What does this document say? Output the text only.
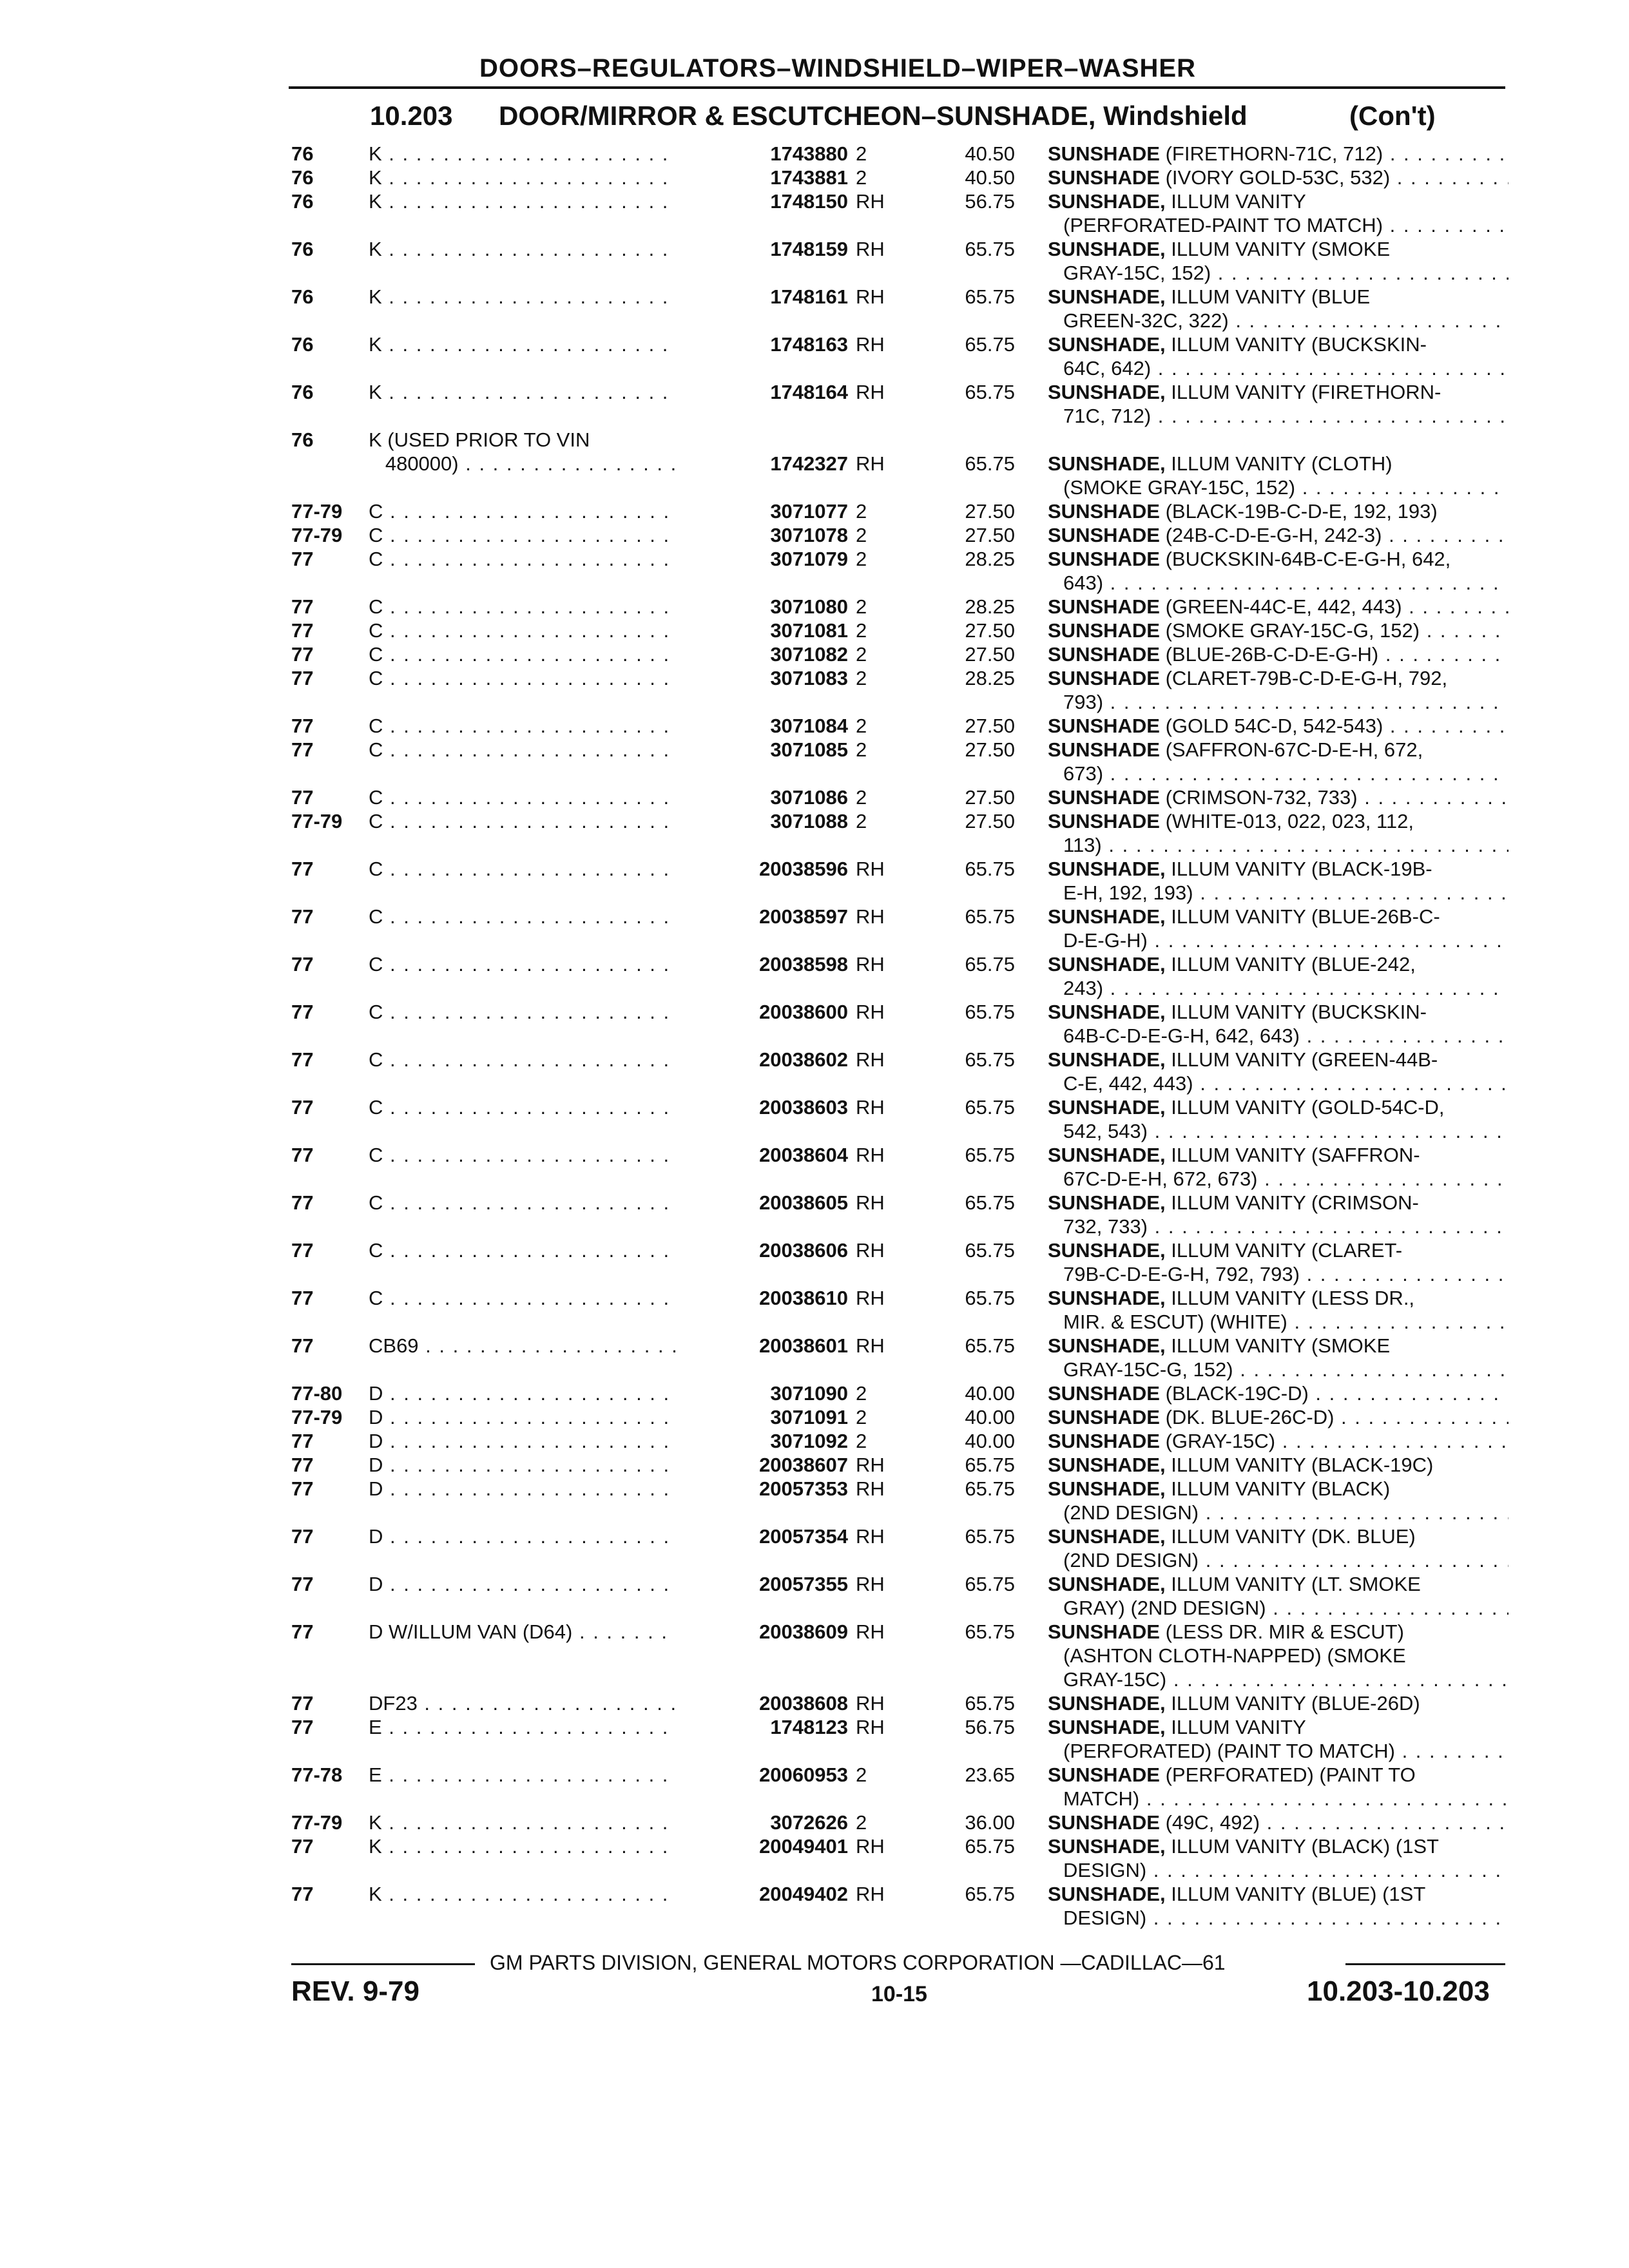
DOORS–REGULATORS–WINDSHIELD–WIPER–WASHER
10.203 DOOR/MIRROR & ESCUTCHEON–SUNSHADE, Windshield	(Con't)
76	K . . .	1743880 2	40.50 SUNSHADE (FIRETHORN-71C, 712) . . .
76	K . . .	1743881 2	40.50 SUNSHADE (IVORY GOLD-53C, 532) . . .
76	K . . .	1748150 RH	56.75 SUNSHADE, ILLUM VANITY
(PERFORATED-PAINT TO MATCH) . . .
76	K . . .	1748159 RH	65.75 SUNSHADE, ILLUM VANITY (SMOKE
GRAY-15C, 152) . . .
76	K . . .	1748161 RH	65.75 SUNSHADE, ILLUM VANITY (BLUE
GREEN-32C, 322) . . .
76	K . . .	1748163 RH	65.75 SUNSHADE, ILLUM VANITY (BUCKSKIN-
64C, 642) . . .
76	K . . .	1748164 RH	65.75 SUNSHADE, ILLUM VANITY (FIRETHORN-
71C, 712) . . .
76	K (USED PRIOR TO VIN
480000) . . .	1742327 RH	65.75 SUNSHADE, ILLUM VANITY (CLOTH)
(SMOKE GRAY-15C, 152) . . .
77-79 C . . .	3071077 2	27.50 SUNSHADE (BLACK-19B-C-D-E, 192, 193)
77-79 C . . .	3071078 2	27.50 SUNSHADE (24B-C-D-E-G-H, 242-3) . . .
77	C . . .	3071079 2	28.25 SUNSHADE (BUCKSKIN-64B-C-E-G-H, 642,
643) . . .
77	C . . .	3071080 2	28.25 SUNSHADE (GREEN-44C-E, 442, 443) . . .
77	C . . .	3071081 2	27.50 SUNSHADE (SMOKE GRAY-15C-G, 152) . . .
77	C . . .	3071082 2	27.50 SUNSHADE (BLUE-26B-C-D-E-G-H) . . .
77	C . . .	3071083 2	28.25 SUNSHADE (CLARET-79B-C-D-E-G-H, 792,
793) . . .
77	C . . .	3071084 2	27.50 SUNSHADE (GOLD 54C-D, 542-543) . . .
77	C . . .	3071085 2	27.50 SUNSHADE (SAFFRON-67C-D-E-H, 672,
673) . . .
77	C . . .	3071086 2	27.50 SUNSHADE (CRIMSON-732, 733) . . .
77-79 C . . .	3071088 2	27.50 SUNSHADE (WHITE-013, 022, 023, 112,
113) . . .
77	C . . .	20038596 RH	65.75 SUNSHADE, ILLUM VANITY (BLACK-19B-
E-H, 192, 193) . . .
77	C . . .	20038597 RH	65.75 SUNSHADE, ILLUM VANITY (BLUE-26B-C-
D-E-G-H) . . .
77	C . . .	20038598 RH	65.75 SUNSHADE, ILLUM VANITY (BLUE-242,
243) . . .
77	C . . .	20038600 RH	65.75 SUNSHADE, ILLUM VANITY (BUCKSKIN-
64B-C-D-E-G-H, 642, 643) . . .
77	C . . .	20038602 RH	65.75 SUNSHADE, ILLUM VANITY (GREEN-44B-
C-E, 442, 443) . . .
77	C . . .	20038603 RH	65.75 SUNSHADE, ILLUM VANITY (GOLD-54C-D,
542, 543) . . .
77	C . . .	20038604 RH	65.75 SUNSHADE, ILLUM VANITY (SAFFRON-
67C-D-E-H, 672, 673) . . .
77	C . . .	20038605 RH	65.75 SUNSHADE, ILLUM VANITY (CRIMSON-
732, 733) . . .
77	C . . .	20038606 RH	65.75 SUNSHADE, ILLUM VANITY (CLARET-
79B-C-D-E-G-H, 792, 793) . . .
77	C . . .	20038610 RH	65.75 SUNSHADE, ILLUM VANITY (LESS DR.,
MIR. & ESCUT) (WHITE) . . .
77	CB69 . . .	20038601 RH	65.75 SUNSHADE, ILLUM VANITY (SMOKE
GRAY-15C-G, 152) . . .
77-80 D . . .	3071090 2	40.00 SUNSHADE (BLACK-19C-D) . . .
77-79 D . . .	3071091 2	40.00 SUNSHADE (DK. BLUE-26C-D) . . .
77	D . . .	3071092 2	40.00 SUNSHADE (GRAY-15C) . . .
77	D . . .	20038607 RH	65.75 SUNSHADE, ILLUM VANITY (BLACK-19C)
77	D . . .	20057353 RH	65.75 SUNSHADE, ILLUM VANITY (BLACK)
(2ND DESIGN) . . .
77	D . . .	20057354 RH	65.75 SUNSHADE, ILLUM VANITY (DK. BLUE)
(2ND DESIGN) . . .
77	D . . .	20057355 RH	65.75 SUNSHADE, ILLUM VANITY (LT. SMOKE
GRAY) (2ND DESIGN) . . .
77	D W/ILLUM VAN (D64) . . .	20038609 RH	65.75 SUNSHADE (LESS DR. MIR & ESCUT)
(ASHTON CLOTH-NAPPED) (SMOKE
GRAY-15C) . . .
77	DF23 . . .	20038608 RH	65.75 SUNSHADE, ILLUM VANITY (BLUE-26D)
77	E . . .	1748123 RH	56.75 SUNSHADE, ILLUM VANITY
(PERFORATED) (PAINT TO MATCH) . . .
77-78 E . . .	20060953 2	23.65 SUNSHADE (PERFORATED) (PAINT TO
MATCH) . . .
77-79 K . . .	3072626 2	36.00 SUNSHADE (49C, 492) . . .
77	K . . .	20049401 RH	65.75 SUNSHADE, ILLUM VANITY (BLACK) (1ST
DESIGN) . . .
77	K . . .	20049402 RH	65.75 SUNSHADE, ILLUM VANITY (BLUE) (1ST
DESIGN) . . .
GM PARTS DIVISION, GENERAL MOTORS CORPORATION —CADILLAC—61
REV. 9-79	10-15	10.203-10.203
